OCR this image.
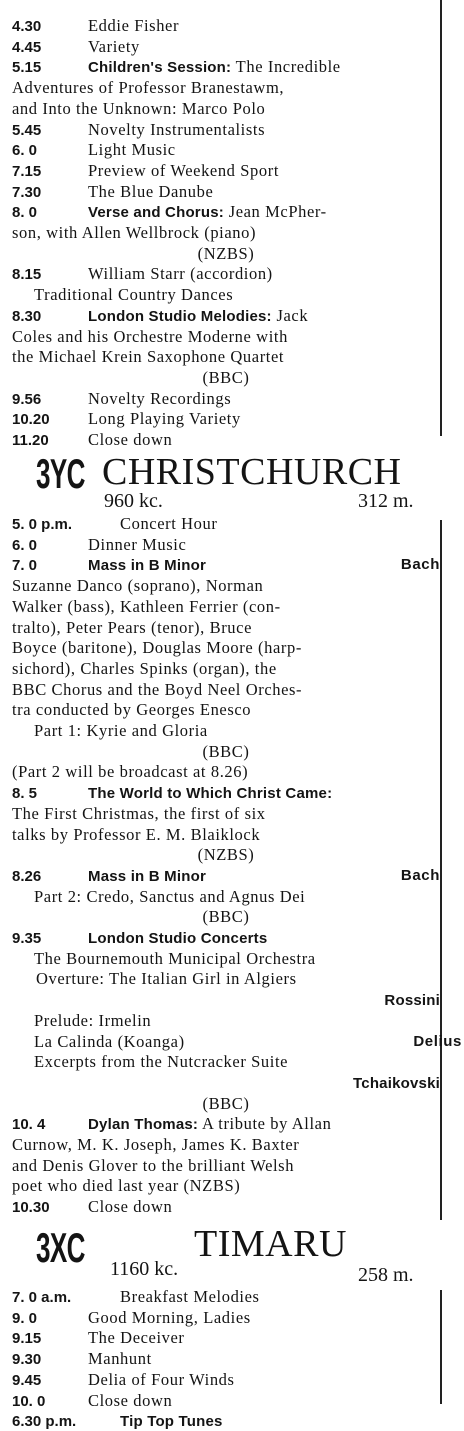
4.30	Eddie Fisher
4.45	Variety
5.15	Children's Session: The Incredible
Adventures of Professor Branestawm,
and Into the Unknown: Marco Polo
5.45	Novelty Instrumentalists
6. 0	Light Music
7.15	Preview of Weekend Sport
7.30	The Blue Danube
8. 0	Verse and Chorus: Jean McPher-
son, with Allen Wellbrock (piano)
(NZBS)
8.15	William Starr (accordion)
Traditional Country Dances
8.30	London Studio Melodies: Jack
Coles and his Orchestre Moderne with
the Michael Krein Saxophone Quartet
(BBC)
9.56	Novelty Recordings
10.20 Long Playing Variety
11.20 Close down
3YC CHRISTCHURCH
960 kc.	312 m.
5. 0 p.m.	Concert Hour
6. 0	Dinner Music
7. 0	Mass in B Minor	Bach
Suzanne Danco (soprano), Norman
Walker (bass), Kathleen Ferrier (con-
tralto), Peter Pears (tenor), Bruce
Boyce (baritone), Douglas Moore (harp-
sichord), Charles Spinks (organ), the
BBC Chorus and the Boyd Neel Orches-
tra conducted by Georges Enesco
Part 1: Kyrie and Gloria
(BBC)
(Part 2 will be broadcast at 8.26)
8. 5	The World to Which Christ Came:
The First Christmas, the first of six
talks by Professor E. M. Blaiklock
(NZBS)
8.26	Mass in B Minor	Bach
Part 2: Credo, Sanctus and Agnus Dei
(BBC)
9.35	London Studio Concerts
The Bournemouth Municipal Orchestra
Overture: The Italian Girl in Algiers
Rossini
Prelude: Irmelin
La Calinda (Koanga)	Delius
Excerpts from the Nutcracker Suite
Tchaikovski
(BBC)
10. 4	Dylan Thomas: A tribute by Allan
Curnow, M. K. Joseph, James K. Baxter
and Denis Glover to the brilliant Welsh
poet who died last year (NZBS)
10.30 Close down
3XC 1160 kc.
TIMARU
258 m.
7. 0 a.m.	Breakfast Melodies
9. 0	Good Morning, Ladies
9.15	The Deceiver
9.30	Manhunt
9.45	Delia of Four Winds
10. 0	Close down
6.30 p.m.	Tip Top Tunes
